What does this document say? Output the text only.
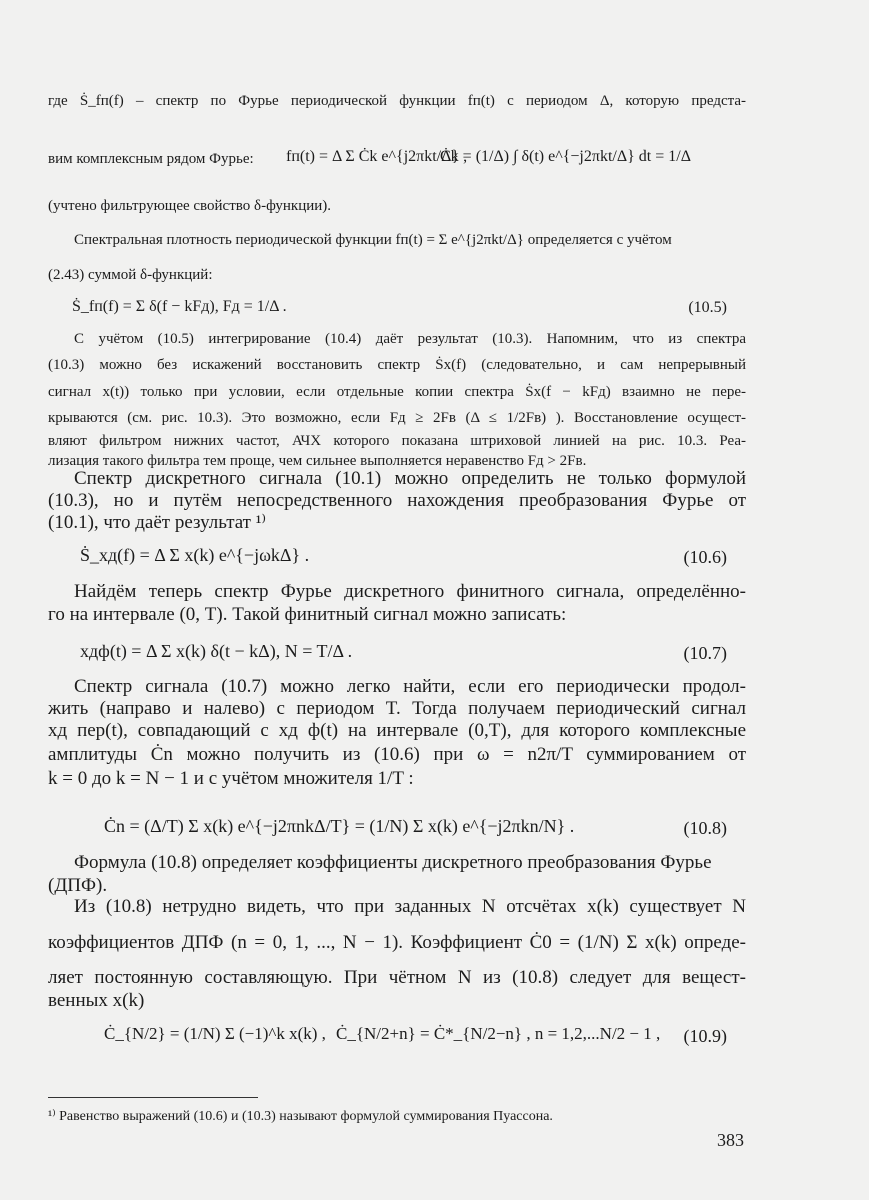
где Ṡ_fп(f) – спектр по Фурье периодической функции fп(t) с периодом Δ, которую предста-
вим комплексным рядом Фурье: fп(t) = Δ Σ Ċk e^{j2πkt/Δ} ,
Ċk = (1/Δ) ∫ δ(t) e^{−j2πkt/Δ} dt = 1/Δ
(учтено фильтрующее свойство δ-функции).
Спектральная плотность периодической функции fп(t) = Σ e^{j2πkt/Δ} определяется с учётом
(2.43) суммой δ-функций:
Ṡ_fп(f) = Σ δ(f − kFд), Fд = 1/Δ .	(10.5)
С учётом (10.5) интегрирование (10.4) даёт результат (10.3). Напомним, что из спектра
(10.3) можно без искажений восстановить спектр Ṡx(f) (следовательно, и сам непрерывный
сигнал x(t)) только при условии, если отдельные копии спектра Ṡx(f − kFд) взаимно не пере-
крываются (см. рис. 10.3). Это возможно, если Fд ≥ 2Fв (Δ ≤ 1/2Fв) ). Восстановление осущест-
вляют фильтром нижних частот, АЧХ которого показана штриховой линией на рис. 10.3. Реа-
лизация такого фильтра тем проще, чем сильнее выполняется неравенство Fд > 2Fв.
Спектр дискретного сигнала (10.1) можно определить не только формулой
(10.3), но и путём непосредственного нахождения преобразования Фурье от
(10.1), что даёт результат ¹⁾
Ṡ_xд(f) = Δ Σ x(k) e^{−jωkΔ} .	(10.6)
Найдём теперь спектр Фурье дискретного финитного сигнала, определённо-
го на интервале (0, T). Такой финитный сигнал можно записать:
xдф(t) = Δ Σ x(k) δ(t − kΔ), N = T/Δ .	(10.7)
Спектр сигнала (10.7) можно легко найти, если его периодически продол-
жить (направо и налево) с периодом T. Тогда получаем периодический сигнал
xд пер(t), совпадающий с xд ф(t) на интервале (0,T), для которого комплексные
амплитуды Ċn можно получить из (10.6) при ω = n2π/T суммированием от
k = 0 до k = N − 1 и с учётом множителя 1/T :
Ċn = (Δ/T) Σ x(k) e^{−j2πnkΔ/T} = (1/N) Σ x(k) e^{−j2πkn/N} .	(10.8)
Формула (10.8) определяет коэффициенты дискретного преобразования Фурье
(ДПФ).
Из (10.8) нетрудно видеть, что при заданных N отсчётах x(k) существует N
коэффициентов ДПФ (n = 0, 1, ..., N − 1). Коэффициент Ċ0 = (1/N) Σ x(k) опреде-
ляет постоянную составляющую. При чётном N из (10.8) следует для вещест-
венных x(k)
Ċ_{N/2} = (1/N) Σ (−1)^k x(k) , Ċ_{N/2+n} = Ċ*_{N/2−n} , n = 1,2,...N/2 − 1 , (10.9)
¹⁾ Равенство выражений (10.6) и (10.3) называют формулой суммирования Пуассона.
383
